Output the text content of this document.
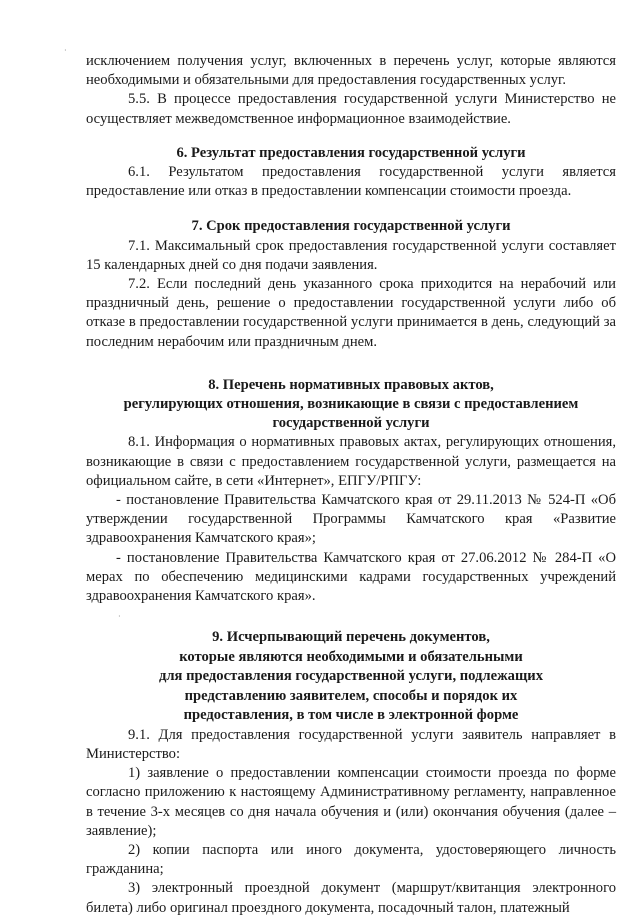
·
·

исключением получения услуг, включенных в перечень услуг, которые являются необходимыми и обязательными для предоставления государственных услуг.

5.5. В процессе предоставления государственной услуги Министерство не осуществляет межведомственное информационное взаимодействие.

6. Результат предоставления государственной услуги

6.1. Результатом предоставления государственной услуги является предоставление или отказ в предоставлении компенсации стоимости проезда.

7. Срок предоставления государственной услуги

7.1. Максимальный срок предоставления государственной услуги составляет 15 календарных дней со дня подачи заявления.

7.2. Если последний день указанного срока приходится на нерабочий или праздничный день, решение о предоставлении государственной услуги либо об отказе в предоставлении государственной услуги принимается в день, следующий за последним нерабочим или праздничным днем.

8. Перечень нормативных правовых актов,

регулирующих отношения, возникающие в связи с предоставлением

государственной услуги

8.1. Информация о нормативных правовых актах, регулирующих отношения, возникающие в связи с предоставлением государственной услуги, размещается на официальном сайте, в сети «Интернет», ЕПГУ/РПГУ:

- постановление Правительства Камчатского края от 29.11.2013 № 524-П «Об утверждении государственной Программы Камчатского края «Развитие здравоохранения Камчатского края»;

- постановление Правительства Камчатского края от 27.06.2012 № 284-П «О мерах по обеспечению медицинскими кадрами государственных учреждений здравоохранения Камчатского края».

9. Исчерпывающий перечень документов,

которые являются необходимыми и обязательными

для предоставления государственной услуги, подлежащих

представлению заявителем, способы и порядок их

предоставления, в том числе в электронной форме

9.1. Для предоставления государственной услуги заявитель направляет в Министерство:

1) заявление о предоставлении компенсации стоимости проезда по форме согласно приложению к настоящему Административному регламенту, направленное в течение 3-х месяцев со дня начала обучения и (или) окончания обучения (далее – заявление);

2) копии паспорта или иного документа, удостоверяющего личность гражданина;

3) электронный проездной документ (маршрут/квитанция электронного билета) либо оригинал проездного документа, посадочный талон, платежный
